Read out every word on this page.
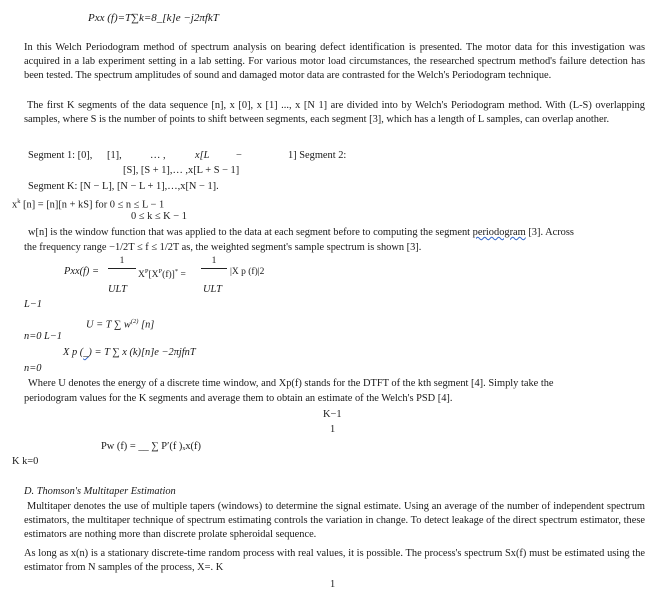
Pxx (f)=T∑k=8_[k]e −j2πfkT
In this Welch Periodogram method of spectrum analysis on bearing defect identification is presented. The motor data for this investigation was acquired in a lab experiment setting in a lab setting. For various motor load circumstances, the researched spectrum method's failure detection has been tested. The spectrum amplitudes of sound and damaged motor data are contrasted for the Welch's Periodogram technique.
The first K segments of the data sequence [n], x [0], x [1] ..., x [N 1] are divided into by Welch's Periodogram method. With (L-S) overlapping samples, where S is the number of points to shift between segments, each segment [3], which has a length of L samples, can overlap another.
Segment 1: [0], [1],	… ,	x[L	−	1] Segment 2:
[S], [S + 1],… ,x[L + S − 1]
Segment K: [N − L], [N − L + 1],…,x[N − 1].
$x^k$ [n] = [n][n + kS] for 0 ≤ n ≤ L − 1
0 ≤ k ≤ K − 1
w[n] is the window function that was applied to the data at each segment before to computing the segment periodogram [3]. Across
the frequency range −1/2T ≤ f ≤ 1/2T as, the weighted segment's sample spectrum is shown [3].
Pxx(f) =
1
$X^P[X^P(f)]^*$ =
1
|X p (f)|2
ULT	ULT
L−1
U = T ∑ $w^{(2)}$ [n]
n=0 L−1
X p (_) = T ∑ x (k)[n]e −2πjfnT
n=0
Where U denotes the energy of a discrete time window, and Xp(f) stands for the DTFT of the kth segment [4]. Simply take the
periodogram values for the K segments and average them to obtain an estimate of the Welch's PSD [4].
K−1
1
Pw (f) = __ ∑ P′(f )ₓx(f)
K k=0
D. Thomson's Multitaper Estimation
Multitaper denotes the use of multiple tapers (windows) to determine the signal estimate. Using an average of the number of independent spectrum estimators, the multitaper technique of spectrum estimating controls the variation in change. To detect leakage of the direct spectrum estimator, these estimators are nothing more than discrete prolate spheroidal sequence.
As long as x(n) is a stationary discrete-time random process with real values, it is possible. The process's spectrum Sx(f) must be estimated using the estimator from N samples of the process, X=. K
1
